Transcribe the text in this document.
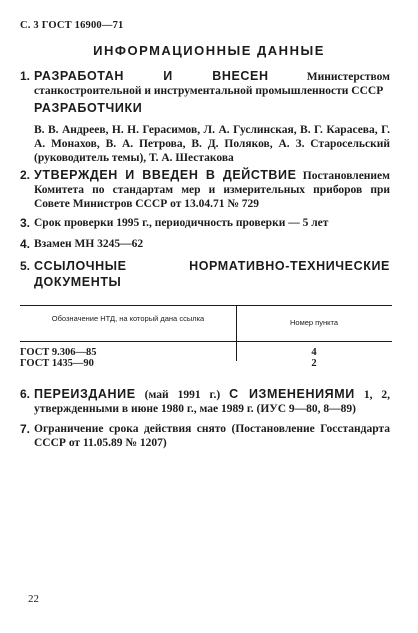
С. 3 ГОСТ 16900—71
ИНФОРМАЦИОННЫЕ ДАННЫЕ
1. РАЗРАБОТАН И ВНЕСЕН	Министерством станкостроительной и инструментальной промышленности СССР
РАЗРАБОТЧИКИ
В. В. Андреев, Н. Н. Герасимов, Л. А. Гуслинская, В. Г. Карасева, Г. А. Монахов, В. А. Петрова, В. Д. Поляков, А. З. Старосельский (руководитель темы), Т. А. Шестакова
2. УТВЕРЖДЕН И ВВЕДЕН В ДЕЙСТВИЕ Постановлением Комитета по стандартам мер и измерительных приборов при Совете Министров СССР от 13.04.71 № 729
3. Срок проверки 1995 г., периодичность проверки — 5 лет
4. Взамен МН 3245—62
5. ССЫЛОЧНЫЕ НОРМАТИВНО-ТЕХНИЧЕСКИЕ ДОКУМЕНТЫ
Обозначение НТД, на который дана ссылка	Номер пункта
ГОСТ 9.306—85	4
ГОСТ 1435—90	2
6. ПЕРЕИЗДАНИЕ (май 1991 г.) С ИЗМЕНЕНИЯМИ 1, 2, утвержденными в июне 1980 г., мае 1989 г. (ИУС 9—80, 8—89)
7. Ограничение срока действия снято (Постановление Госстандарта СССР от 11.05.89 № 1207)
22
